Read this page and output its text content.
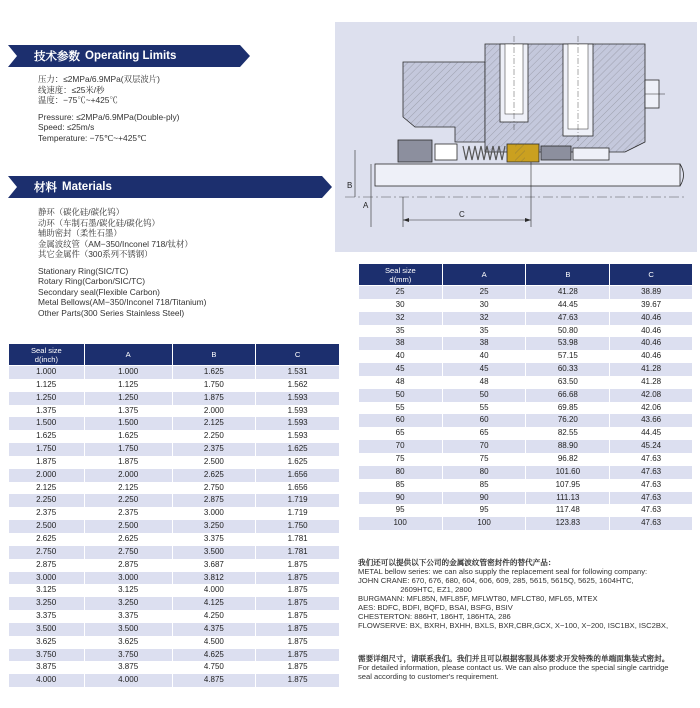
技术参数 Operating Limits
压力：≤2MPa/6.9MPa(双层波片)
线速度：≤25米/秒
温度：−75℃~+425℃
Pressure: ≤2MPa/6.9MPa(Double-ply)
Speed: ≤25m/s
Temperature: −75℃~+425℃
材料 Materials
静环（碳化硅/碳化钨）
动环（车制石墨/碳化硅/碳化钨）
辅助密封（柔性石墨）
金属波纹管（AM−350/Inconel 718/钛材）
其它金属件（300系列不锈钢）
Stationary Ring(SIC/TC)
Rotary Ring(Carbon/SIC/TC)
Secondary seal(Flexible Carbon)
Metal Bellows(AM−350/Inconel 718/Titanium)
Other Parts(300 Series Stainless Steel)
B
A
C
Seal size
d(inch)	A	B	C
1.000	1.000	1.625	1.531
1.125	1.125	1.750	1.562
1.250	1.250	1.875	1.593
1.375	1.375	2.000	1.593
1.500	1.500	2.125	1.593
1.625	1.625	2.250	1.593
1.750	1.750	2.375	1.625
1.875	1.875	2.500	1.625
2.000	2.000	2.625	1.656
2.125	2.125	2.750	1.656
2.250	2.250	2.875	1.719
2.375	2.375	3.000	1.719
2.500	2.500	3.250	1.750
2.625	2.625	3.375	1.781
2.750	2.750	3.500	1.781
2.875	2.875	3.687	1.875
3.000	3.000	3.812	1.875
3.125	3.125	4.000	1.875
3.250	3.250	4.125	1.875
3.375	3.375	4.250	1.875
3.500	3.500	4.375	1.875
3.625	3.625	4.500	1.875
3.750	3.750	4.625	1.875
3.875	3.875	4.750	1.875
4.000	4.000	4.875	1.875
Seal size
d(mm)	A	B	C
25	25	41.28	38.89
30	30	44.45	39.67
32	32	47.63	40.46
35	35	50.80	40.46
38	38	53.98	40.46
40	40	57.15	40.46
45	45	60.33	41.28
48	48	63.50	41.28
50	50	66.68	42.08
55	55	69.85	42.06
60	60	76.20	43.66
65	65	82.55	44.45
70	70	88.90	45.24
75	75	96.82	47.63
80	80	101.60	47.63
85	85	107.95	47.63
90	90	111.13	47.63
95	95	117.48	47.63
100	100	123.83	47.63
我们还可以提供以下公司的金属波纹管密封件的替代产品：
METAL bellow series: we can also supply the replacement seal for following company:
JOHN CRANE: 670, 676, 680, 604, 606, 609, 285, 5615, 5615Q, 5625, 1604HTC,
2609HTC, EZ1, 2800
BURGMANN: MFL85N, MFL85F, MFLWT80, MFLCT80, MFL65, MTEX
AES: BDFC, BDFI, BQFD, BSAI, BSFG, BSIV
CHESTERTON: 886HT, 186HT, 186HTA, 286
FLOWSERVE: BX, BXRH, BXHH, BXLS, BXR,CBR,GCX, X−100, X−200, ISC1BX, ISC2BX,
需要详细尺寸，请联系我们。我们并且可以根据客服具体要求开发特殊的单端面集装式密封。
For detailed information, please contact us. We can also produce the special single cartridge
seal according to customer's requirement.
